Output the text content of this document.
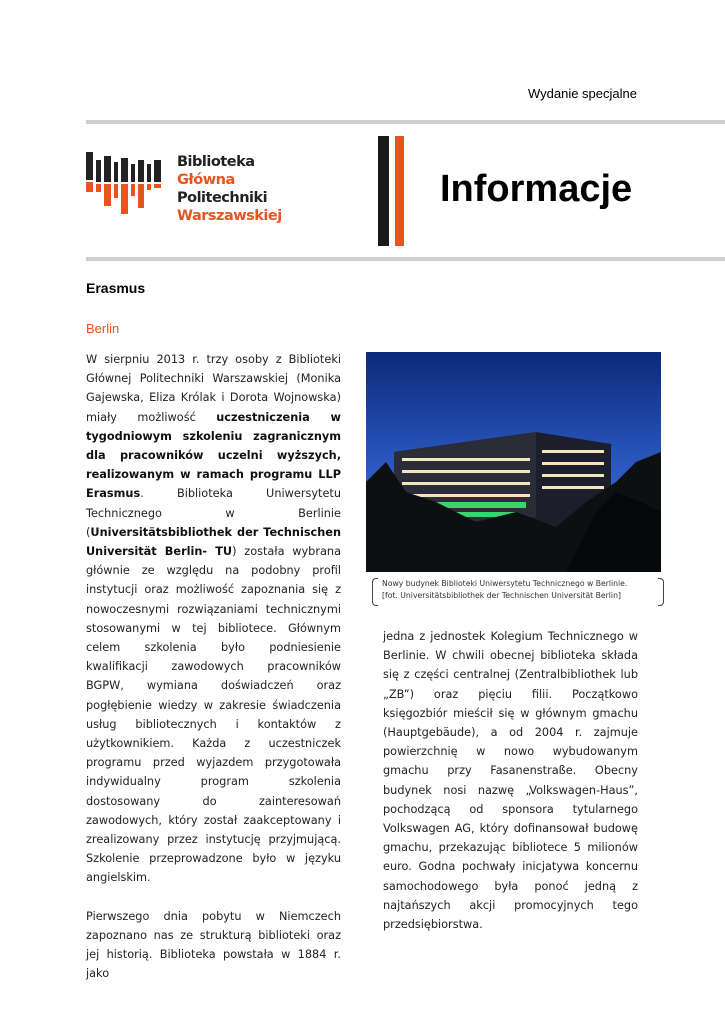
Wydanie specjalne
Biblioteka
Główna
Politechniki
Warszawskiej
Informacje
Erasmus
Berlin

W sierpniu 2013 r. trzy osoby z Biblioteki Głównej Politechniki Warszawskiej (Monika Gajewska, Eliza Królak i Dorota Wojnowska) miały możliwość uczestniczenia w tygodniowym szkoleniu zagranicznym dla pracowników uczelni wyższych, realizowanym w ramach programu LLP Erasmus. Biblioteka Uniwersytetu Technicznego w Berlinie (Universitätsbibliothek der Technischen Universität Berlin- TU) została wybrana głównie ze względu na podobny profil instytucji oraz możliwość zapoznania się z nowoczesnymi rozwiązaniami technicznymi stosowanymi w tej bibliotece. Głównym celem szkolenia było podniesienie kwalifikacji zawodowych pracowników BGPW, wymiana doświadczeń oraz pogłębienie wiedzy w zakresie świadczenia usług bibliotecznych i kontaktów z użytkownikiem. Każda z uczestniczek programu przed wyjazdem przygotowała indywidualny program szkolenia dostosowany do zainteresowań zawodowych, który został zaakceptowany i zrealizowany przez instytucję przyjmującą. Szkolenie przeprowadzone było w języku angielskim.

Pierwszego dnia pobytu w Niemczech zapoznano nas ze strukturą biblioteki oraz jej historią. Biblioteka powstała w 1884 r. jako

Nowy budynek Biblioteki Uniwersytetu Technicznego w Berlinie.
[fot. Universitätsbibliothek der Technischen Universität Berlin]

jedna z jednostek Kolegium Technicznego w Berlinie. W chwili obecnej biblioteka składa się z części centralnej (Zentralbibliothek lub „ZB”) oraz pięciu filii. Początkowo księgozbiór mieścił się w głównym gmachu (Hauptgebäude), a od 2004 r. zajmuje powierzchnię w nowo wybudowanym gmachu przy Fasanenstraße. Obecny budynek nosi nazwę „Volkswagen-Haus”, pochodzącą od sponsora tytularnego Volkswagen AG, który dofinansował budowę gmachu, przekazując bibliotece 5 milionów euro. Godna pochwały inicjatywa koncernu samochodowego była ponoć jedną z najtańszych akcji promocyjnych tego przedsiębiorstwa.
